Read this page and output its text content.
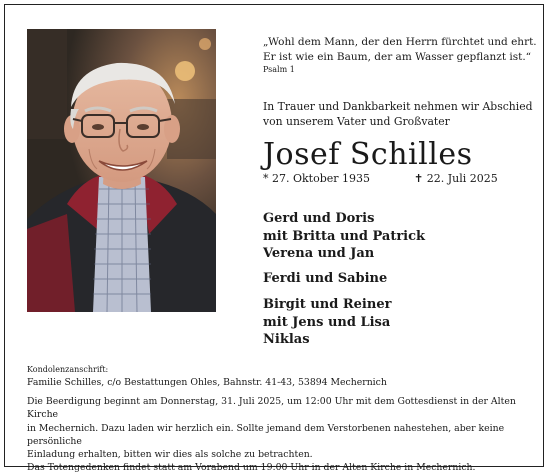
„Wohl dem Mann, der den Herrn fürchtet und ehrt.
Er ist wie ein Baum, der am Wasser gepflanzt ist.“
Psalm 1
In Trauer und Dankbarkeit nehmen wir Abschied
von unserem Vater und Großvater
Josef Schilles
* 27. Oktober 1935	✝ 22. Juli 2025
Gerd und Doris
mit Britta und Patrick
Verena und Jan
Ferdi und Sabine
Birgit und Reiner
mit Jens und Lisa
Niklas

Kondolenzanschrift:

Familie Schilles, c/o Bestattungen Ohles, Bahnstr. 41-43, 53894 Mechernich

Die Beerdigung beginnt am Donnerstag, 31. Juli 2025, um 12:00 Uhr mit dem Gottesdienst in der Alten Kirche

in Mechernich. Dazu laden wir herzlich ein. Sollte jemand dem Verstorbenen nahestehen, aber keine persönliche

Einladung erhalten, bitten wir dies als solche zu betrachten.

Das Totengedenken findet statt am Vorabend um 19:00 Uhr in der Alten Kirche in Mechernich.
